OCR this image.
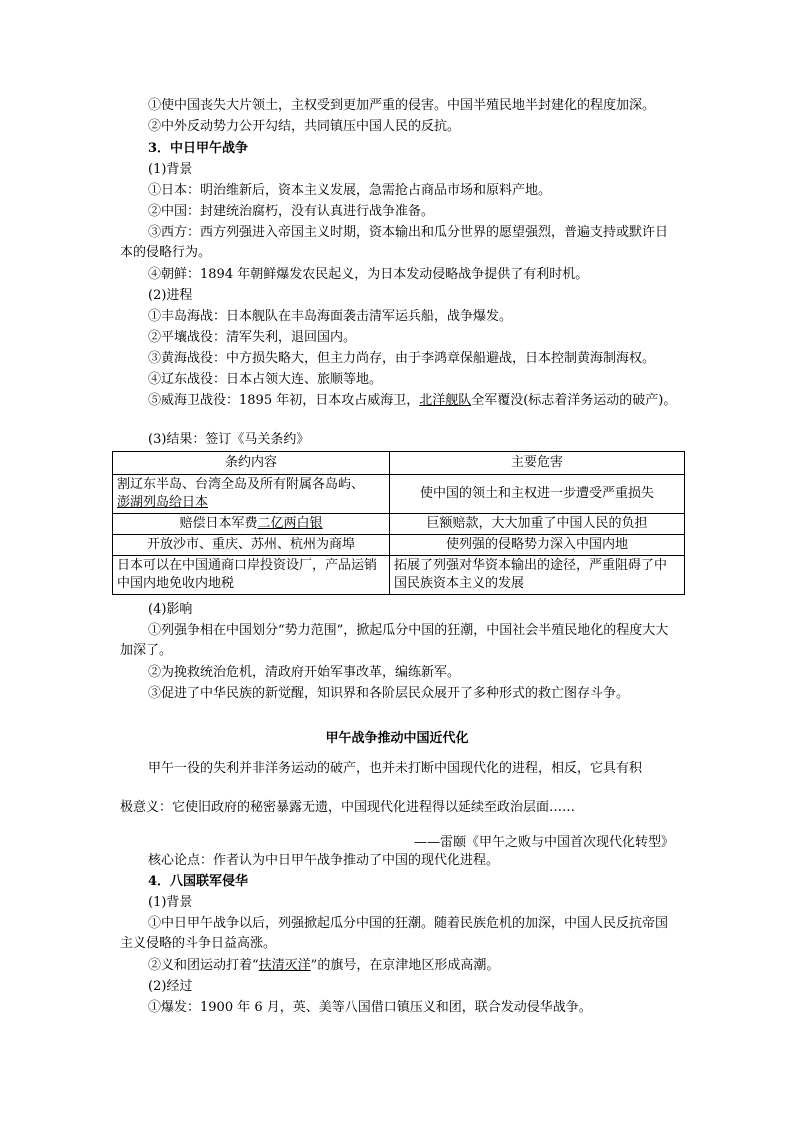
①使中国丧失大片领土，主权受到更加严重的侵害。中国半殖民地半封建化的程度加深。
②中外反动势力公开勾结，共同镇压中国人民的反抗。
3．中日甲午战争
(1)背景
①日本：明治维新后，资本主义发展，急需抢占商品市场和原料产地。
②中国：封建统治腐朽，没有认真进行战争准备。
③西方：西方列强进入帝国主义时期，资本输出和瓜分世界的愿望强烈，普遍支持或默许日本的侵略行为。
④朝鲜：1894 年朝鲜爆发农民起义，为日本发动侵略战争提供了有利时机。
(2)进程
①丰岛海战：日本舰队在丰岛海面袭击清军运兵船，战争爆发。
②平壤战役：清军失利，退回国内。
③黄海战役：中方损失略大，但主力尚存，由于李鸿章保船避战，日本控制黄海制海权。
④辽东战役：日本占领大连、旅顺等地。
⑤威海卫战役：1895 年初，日本攻占威海卫，北洋舰队全军覆没(标志着洋务运动的破产)。
(3)结果：签订《马关条约》
条约内容	主要危害
割辽东半岛、台湾全岛及所有附属各岛屿、
澎湖列岛给日本	使中国的领土和主权进一步遭受严重损失
赔偿日本军费二亿两白银	巨额赔款，大大加重了中国人民的负担
开放沙市、重庆、苏州、杭州为商埠	使列强的侵略势力深入中国内地
日本可以在中国通商口岸投资设厂，产品运销中国内地免收内地税	拓展了列强对华资本输出的途径，严重阻碍了中国民族资本主义的发展
(4)影响
①列强争相在中国划分“势力范围”，掀起瓜分中国的狂潮，中国社会半殖民地化的程度大大加深了。
②为挽救统治危机，清政府开始军事改革，编练新军。
③促进了中华民族的新觉醒，知识界和各阶层民众展开了多种形式的救亡图存斗争。
甲午战争推动中国近代化
甲午一役的失利并非洋务运动的破产，也并未打断中国现代化的进程，相反，它具有积
极意义：它使旧政府的秘密暴露无遗，中国现代化进程得以延续至政治层面……
——雷颐《甲午之败与中国首次现代化转型》
核心论点：作者认为中日甲午战争推动了中国的现代化进程。
4．八国联军侵华
(1)背景
①中日甲午战争以后，列强掀起瓜分中国的狂潮。随着民族危机的加深，中国人民反抗帝国主义侵略的斗争日益高涨。
②义和团运动打着“扶清灭洋”的旗号，在京津地区形成高潮。
(2)经过
①爆发：1900 年 6 月，英、美等八国借口镇压义和团，联合发动侵华战争。
